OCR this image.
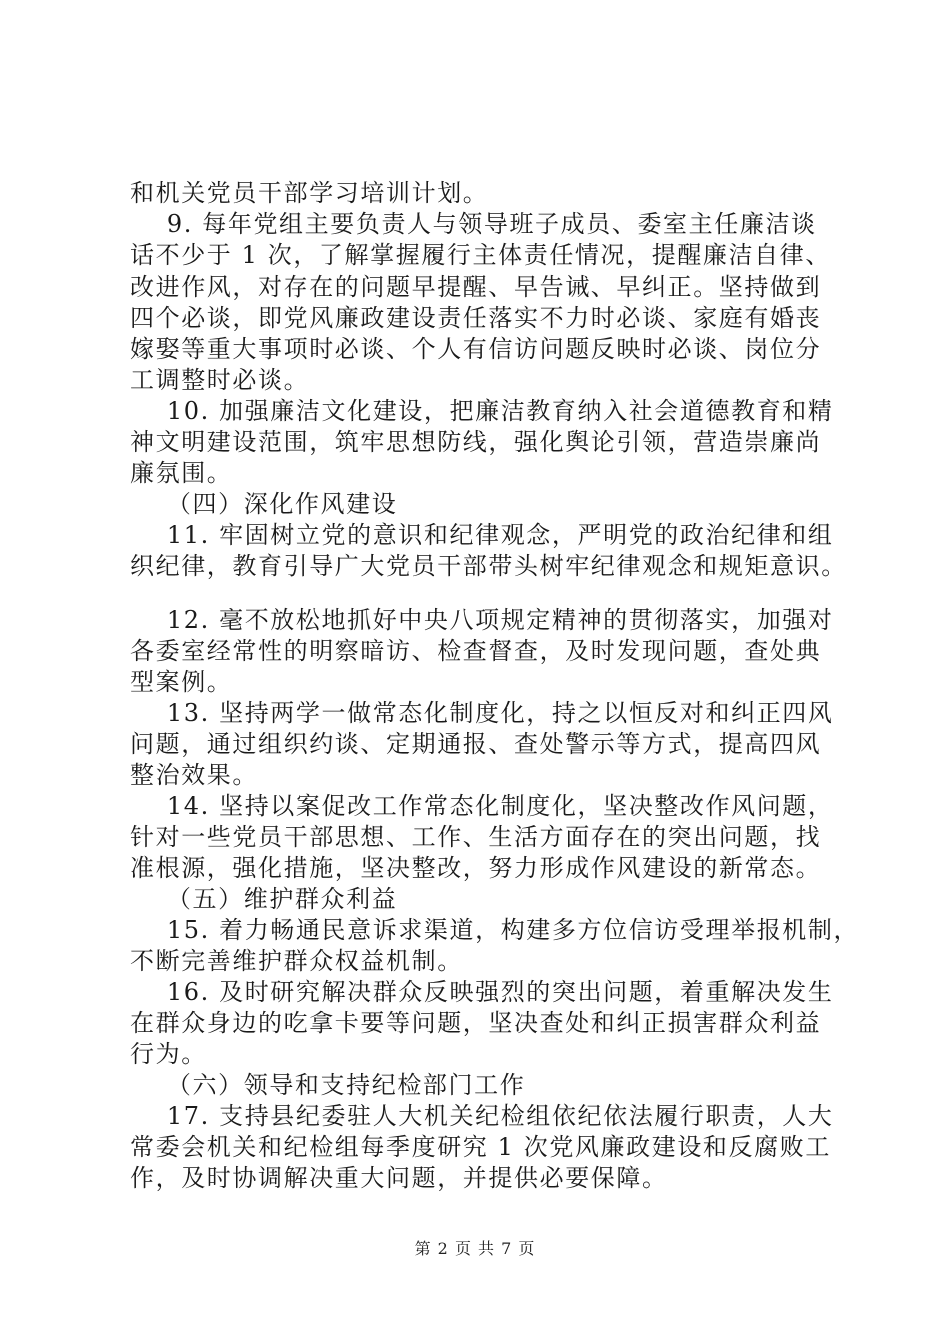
和机关党员干部学习培训计划。
9. 每年党组主要负责人与领导班子成员、委室主任廉洁谈
话不少于 1 次，了解掌握履行主体责任情况，提醒廉洁自律、
改进作风，对存在的问题早提醒、早告诫、早纠正。坚持做到
四个必谈，即党风廉政建设责任落实不力时必谈、家庭有婚丧
嫁娶等重大事项时必谈、个人有信访问题反映时必谈、岗位分
工调整时必谈。
10. 加强廉洁文化建设，把廉洁教育纳入社会道德教育和精
神文明建设范围，筑牢思想防线，强化舆论引领，营造崇廉尚
廉氛围。
（四）深化作风建设
11. 牢固树立党的意识和纪律观念，严明党的政治纪律和组
织纪律，教育引导广大党员干部带头树牢纪律观念和规矩意识。
12. 毫不放松地抓好中央八项规定精神的贯彻落实，加强对
各委室经常性的明察暗访、检查督查，及时发现问题，查处典
型案例。
13. 坚持两学一做常态化制度化，持之以恒反对和纠正四风
问题，通过组织约谈、定期通报、查处警示等方式，提高四风
整治效果。
14. 坚持以案促改工作常态化制度化，坚决整改作风问题，
针对一些党员干部思想、工作、生活方面存在的突出问题，找
准根源，强化措施，坚决整改，努力形成作风建设的新常态。
（五）维护群众利益
15. 着力畅通民意诉求渠道，构建多方位信访受理举报机制，
不断完善维护群众权益机制。
16. 及时研究解决群众反映强烈的突出问题，着重解决发生
在群众身边的吃拿卡要等问题，坚决查处和纠正损害群众利益
行为。
（六）领导和支持纪检部门工作
17. 支持县纪委驻人大机关纪检组依纪依法履行职责，人大
常委会机关和纪检组每季度研究 1 次党风廉政建设和反腐败工
作，及时协调解决重大问题，并提供必要保障。
第 2 页 共 7 页
